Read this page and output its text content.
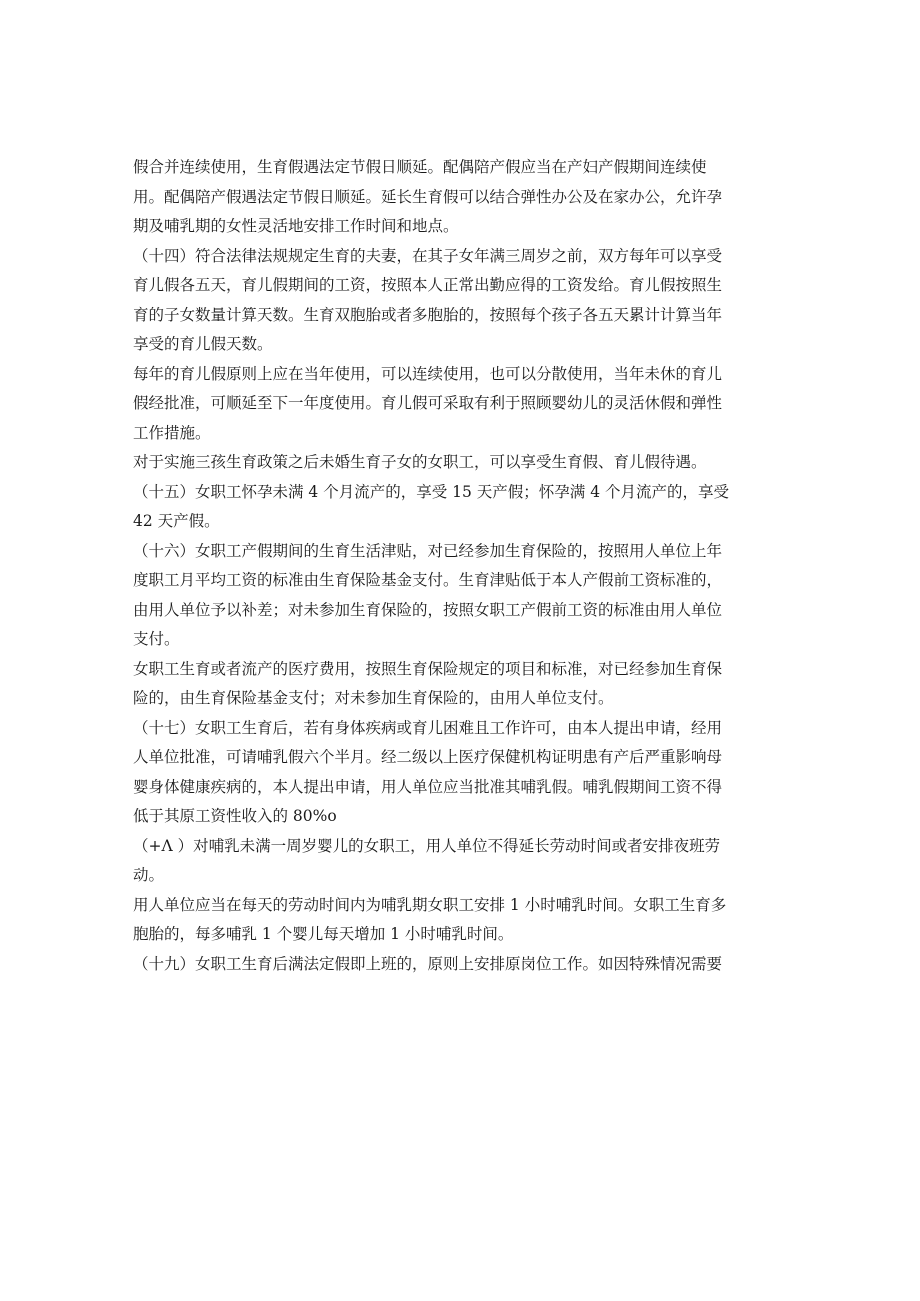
假合并连续使用，生育假遇法定节假日顺延。配偶陪产假应当在产妇产假期间连续使
用。配偶陪产假遇法定节假日顺延。延长生育假可以结合弹性办公及在家办公，允许孕
期及哺乳期的女性灵活地安排工作时间和地点。

（十四）符合法律法规规定生育的夫妻，在其子女年满三周岁之前，双方每年可以享受
育儿假各五天，育儿假期间的工资，按照本人正常出勤应得的工资发给。育儿假按照生
育的子女数量计算天数。生育双胞胎或者多胞胎的，按照每个孩子各五天累计计算当年
享受的育儿假天数。

每年的育儿假原则上应在当年使用，可以连续使用，也可以分散使用，当年未休的育儿
假经批准，可顺延至下一年度使用。育儿假可采取有利于照顾婴幼儿的灵活休假和弹性
工作措施。

对于实施三孩生育政策之后未婚生育子女的女职工，可以享受生育假、育儿假待遇。

（十五）女职工怀孕未满 4 个月流产的，享受 15 天产假；怀孕满 4 个月流产的，享受
42 天产假。

（十六）女职工产假期间的生育生活津贴，对已经参加生育保险的，按照用人单位上年
度职工月平均工资的标准由生育保险基金支付。生育津贴低于本人产假前工资标准的，
由用人单位予以补差；对未参加生育保险的，按照女职工产假前工资的标准由用人单位
支付。

女职工生育或者流产的医疗费用，按照生育保险规定的项目和标准，对已经参加生育保
险的，由生育保险基金支付；对未参加生育保险的，由用人单位支付。

（十七）女职工生育后，若有身体疾病或育儿困难且工作许可，由本人提出申请，经用
人单位批准，可请哺乳假六个半月。经二级以上医疗保健机构证明患有产后严重影响母
婴身体健康疾病的，本人提出申请，用人单位应当批准其哺乳假。哺乳假期间工资不得
低于其原工资性收入的 80%o

（+Λ ）对哺乳未满一周岁婴儿的女职工，用人单位不得延长劳动时间或者安排夜班劳
动。

用人单位应当在每天的劳动时间内为哺乳期女职工安排 1 小时哺乳时间。女职工生育多
胞胎的，每多哺乳 1 个婴儿每天增加 1 小时哺乳时间。

（十九）女职工生育后满法定假即上班的，原则上安排原岗位工作。如因特殊情况需要
